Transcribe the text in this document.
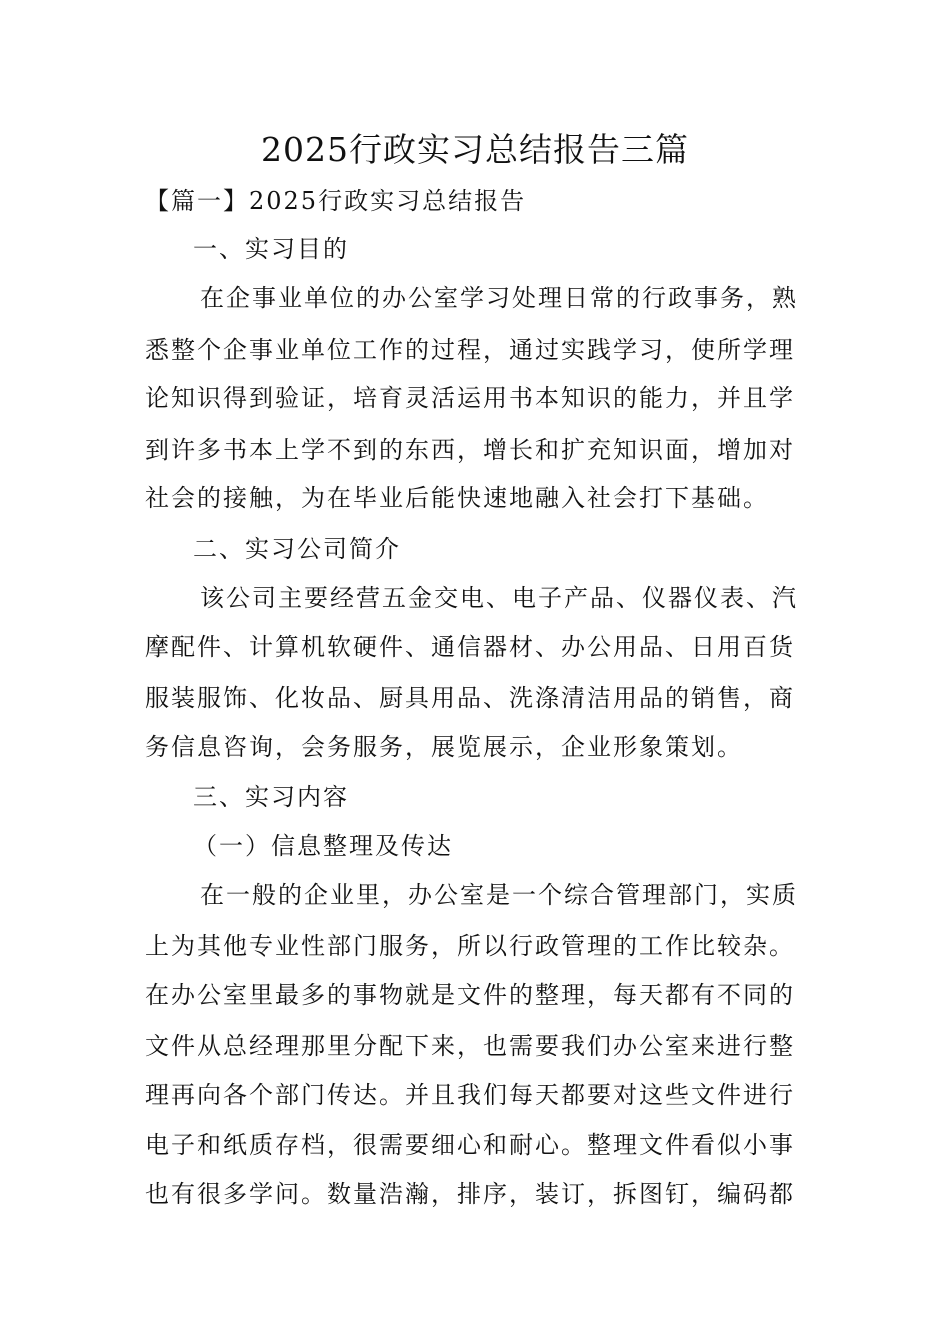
2025行政实习总结报告三篇
【篇一】2025行政实习总结报告
一、实习目的
在企事业单位的办公室学习处理日常的行政事务，熟
悉整个企事业单位工作的过程，通过实践学习，使所学理
论知识得到验证，培育灵活运用书本知识的能力，并且学
到许多书本上学不到的东西，增长和扩充知识面，增加对
社会的接触，为在毕业后能快速地融入社会打下基础。
二、实习公司简介
该公司主要经营五金交电、电子产品、仪器仪表、汽
摩配件、计算机软硬件、通信器材、办公用品、日用百货
服装服饰、化妆品、厨具用品、洗涤清洁用品的销售，商
务信息咨询，会务服务，展览展示，企业形象策划。
三、实习内容
（一）信息整理及传达
在一般的企业里，办公室是一个综合管理部门，实质
上为其他专业性部门服务，所以行政管理的工作比较杂。
在办公室里最多的事物就是文件的整理，每天都有不同的
文件从总经理那里分配下来，也需要我们办公室来进行整
理再向各个部门传达。并且我们每天都要对这些文件进行
电子和纸质存档，很需要细心和耐心。整理文件看似小事
也有很多学问。数量浩瀚，排序，装订，拆图钉，编码都
